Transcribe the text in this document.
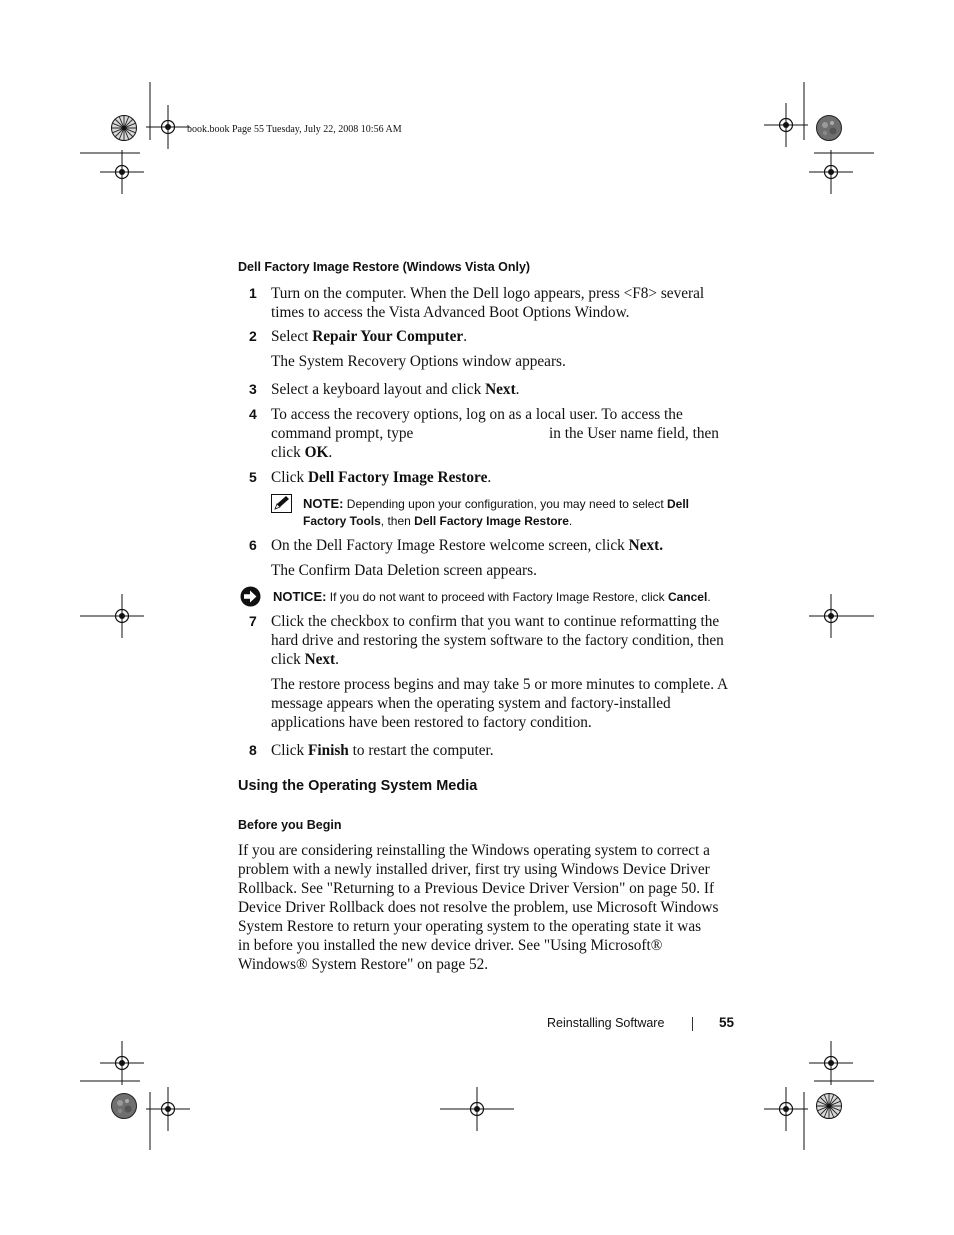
book.book Page 55 Tuesday, July 22, 2008 10:56 AM
Dell Factory Image Restore (Windows Vista Only)
1 Turn on the computer. When the Dell logo appears, press <F8> several
times to access the Vista Advanced Boot Options Window.
2 Select Repair Your Computer.
The System Recovery Options window appears.
3 Select a keyboard layout and click Next.
4 To access the recovery options, log on as a local user. To access the
command prompt, type	in the User name field, then
click OK.
5 Click Dell Factory Image Restore.
NOTE: Depending upon your configuration, you may need to select Dell
Factory Tools, then Dell Factory Image Restore.
6 On the Dell Factory Image Restore welcome screen, click Next.
The Confirm Data Deletion screen appears.
NOTICE: If you do not want to proceed with Factory Image Restore, click Cancel.
7 Click the checkbox to confirm that you want to continue reformatting the
hard drive and restoring the system software to the factory condition, then
click Next.
The restore process begins and may take 5 or more minutes to complete. A
message appears when the operating system and factory-installed
applications have been restored to factory condition.
8 Click Finish to restart the computer.
Using the Operating System Media
Before you Begin
If you are considering reinstalling the Windows operating system to correct a
problem with a newly installed driver, first try using Windows Device Driver
Rollback. See "Returning to a Previous Device Driver Version" on page 50. If
Device Driver Rollback does not resolve the problem, use Microsoft Windows
System Restore to return your operating system to the operating state it was
in before you installed the new device driver. See "Using Microsoft®
Windows® System Restore" on page 52.
Reinstalling Software	55
